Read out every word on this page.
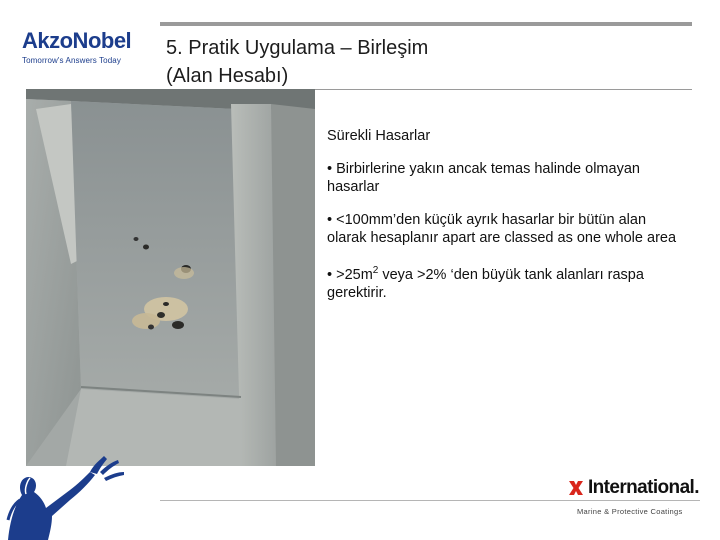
AkzoNobel
Tomorrow's Answers Today
5. Pratik Uygulama – Birleşim
(Alan Hesabı)

Sürekli Hasarlar

• Birbirlerine yakın ancak temas halinde olmayan hasarlar

• <100mm’den küçük ayrık hasarlar bir bütün alan olarak hesaplanır apart are classed as one whole area

• $>25m^2$ veya >2% ‘den büyük tank alanları raspa gerektirir.

International.
Marine & Protective Coatings
